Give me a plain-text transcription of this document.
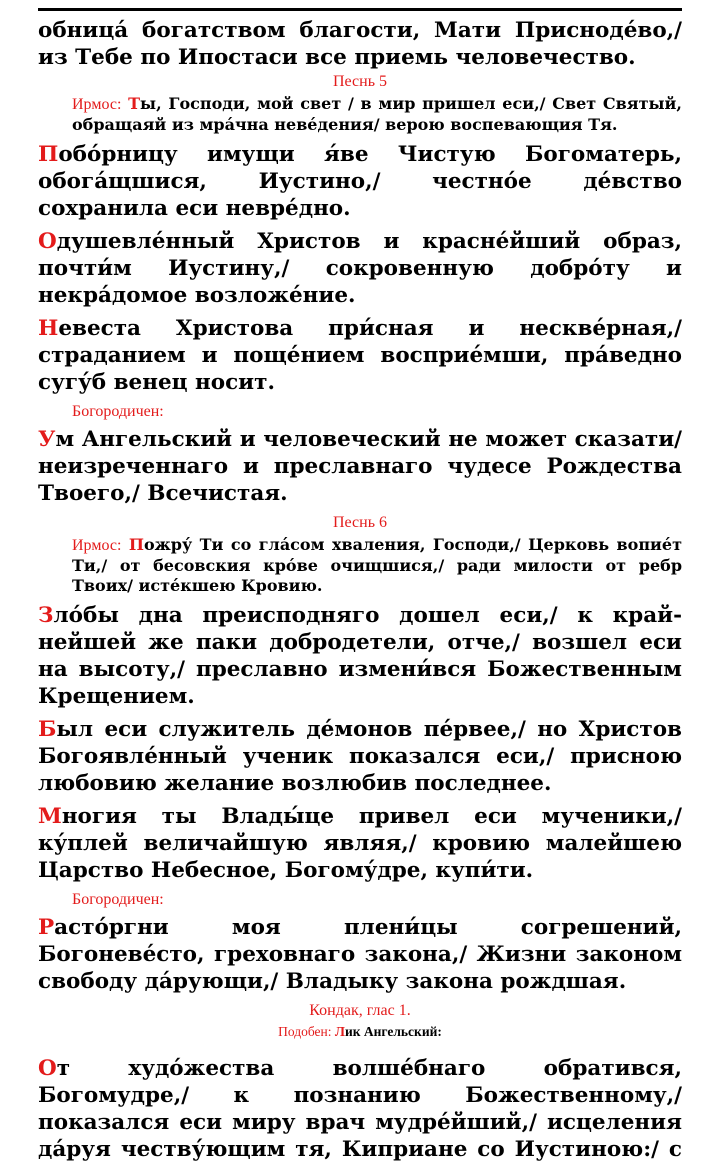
обницá богатством благости, Мати Приснодéво,/

из Тебе по Ипостаси все приемь человечество.

Песнь 5

Ирмос: Ты, Господи, мой свет / в мир пришел еси,/ Свет Святый, обращаяй из мрáчна невéдения/ верою воспевающия Тя.

Побóрницу имущи я́ве Чистую Богоматерь, обогáщшися, Иустино,/ честнóе дéвство сохранила еси неврéдно.

Одушевлéнный Христов и краснéйший образ, почти́м Иустину,/ сокровенную добрóту и некрáдомое возложéние.

Невеста Христова при́сная и нескве́рная,/ страданием и пощéнием восприе́мши, прáведно сугу́б венец носит.

Богородичен:

Ум Ангельский и человеческий не может сказати/ неизреченнаго и преславнаго чудесе Рождества Твоего,/ Всечистая.

Песнь 6

Ирмос: Пожру́ Ти со глáсом хваления, Господи,/ Церковь вопиéт Ти,/ от бесовския крóве очищшися,/ ради милости от ребр Твоих/ истéкшею Кровию.

Злóбы дна преисподняго дошел еси,/ к край-нейшей же паки добродетели, отче,/ возшел еси на высоту,/ преславно измени́вся Божественным Крещением.

Был еси служитель дéмонов пéрвее,/ но Христов Богоявлéнный ученик показался еси,/ присною любовию желание возлюбив последнее.

Многия ты Влады́це привел еси мученики,/ ку́плей величайшую являя,/ кровию малейшею Царство Небесное, Богому́дре, купи́ти.

Богородичен:

Растóргни моя плени́цы согрешений, Богоневéсто, греховнаго закона,/ Жизни законом свободу дáрующи,/ Владыку закона рождшая.

Кондак, глас 1.
Подобен: Лик Ангельский:

От худóжества волшéбнаго обратився, Богомудре,/ к познанию Божественному,/ показался еси миру врач мудрéйший,/ исцеления дáруя честву́ющим тя, Киприане со Иустиною:/ с
